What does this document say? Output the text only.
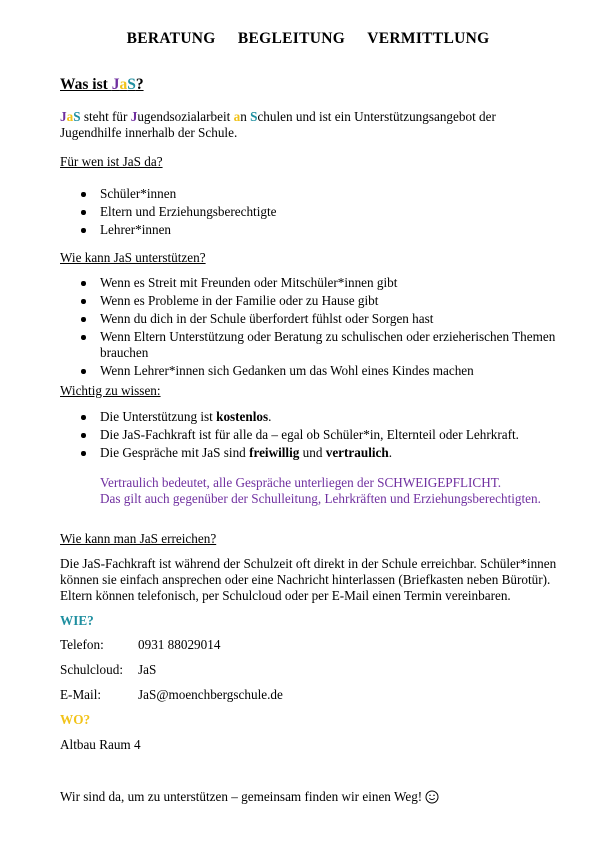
BERATUNG BEGLEITUNG VERMITTLUNG
Was ist JaS?
JaS steht für Jugendsozialarbeit an Schulen und ist ein Unterstützungsangebot der Jugendhilfe innerhalb der Schule.
Für wen ist JaS da?
Schüler*innen
Eltern und Erziehungsberechtigte
Lehrer*innen
Wie kann JaS unterstützen?
Wenn es Streit mit Freunden oder Mitschüler*innen gibt
Wenn es Probleme in der Familie oder zu Hause gibt
Wenn du dich in der Schule überfordert fühlst oder Sorgen hast
Wenn Eltern Unterstützung oder Beratung zu schulischen oder erzieherischen Themen brauchen
Wenn Lehrer*innen sich Gedanken um das Wohl eines Kindes machen
Wichtig zu wissen:
Die Unterstützung ist kostenlos.
Die JaS-Fachkraft ist für alle da – egal ob Schüler*in, Elternteil oder Lehrkraft.
Die Gespräche mit JaS sind freiwillig und vertraulich.
Vertraulich bedeutet, alle Gespräche unterliegen der SCHWEIGEPFLICHT.
Das gilt auch gegenüber der Schulleitung, Lehrkräften und Erziehungsberechtigten.
Wie kann man JaS erreichen?
Die JaS-Fachkraft ist während der Schulzeit oft direkt in der Schule erreichbar. Schüler*innen können sie einfach ansprechen oder eine Nachricht hinterlassen (Briefkasten neben Bürotür). Eltern können telefonisch, per Schulcloud oder per E-Mail einen Termin vereinbaren.
WIE?
Telefon:	0931 88029014
Schulcloud: JaS
E-Mail:	JaS@moenchbergschule.de
WO?
Altbau Raum 4
Wir sind da, um zu unterstützen – gemeinsam finden wir einen Weg!
